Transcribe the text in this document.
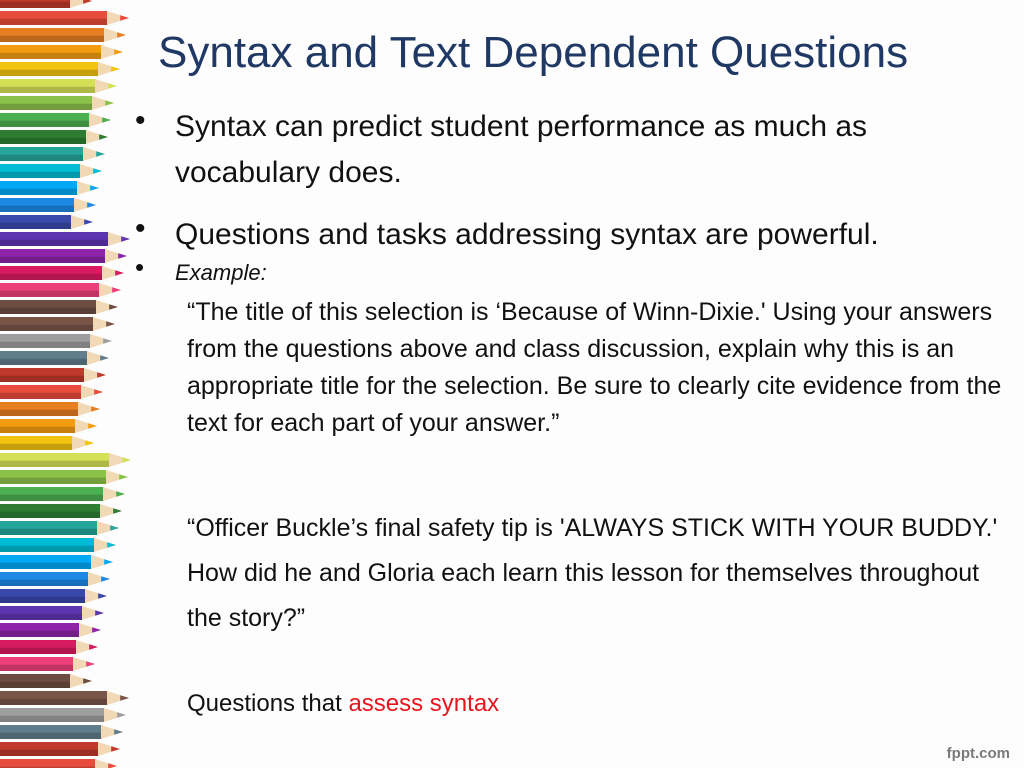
Syntax and Text Dependent Questions
• Syntax can predict student performance as much as vocabulary does.
• Questions and tasks addressing syntax are powerful.
• Example:
“The title of this selection is ‘Because of Winn-Dixie.' Using your answers from the questions above and class discussion, explain why this is an appropriate title for the selection. Be sure to clearly cite evidence from the text for each part of your answer.”
“Officer Buckle’s final safety tip is 'ALWAYS STICK WITH YOUR BUDDY.' How did he and Gloria each learn this lesson for themselves throughout the story?”
Questions that assess syntax
fppt.com
